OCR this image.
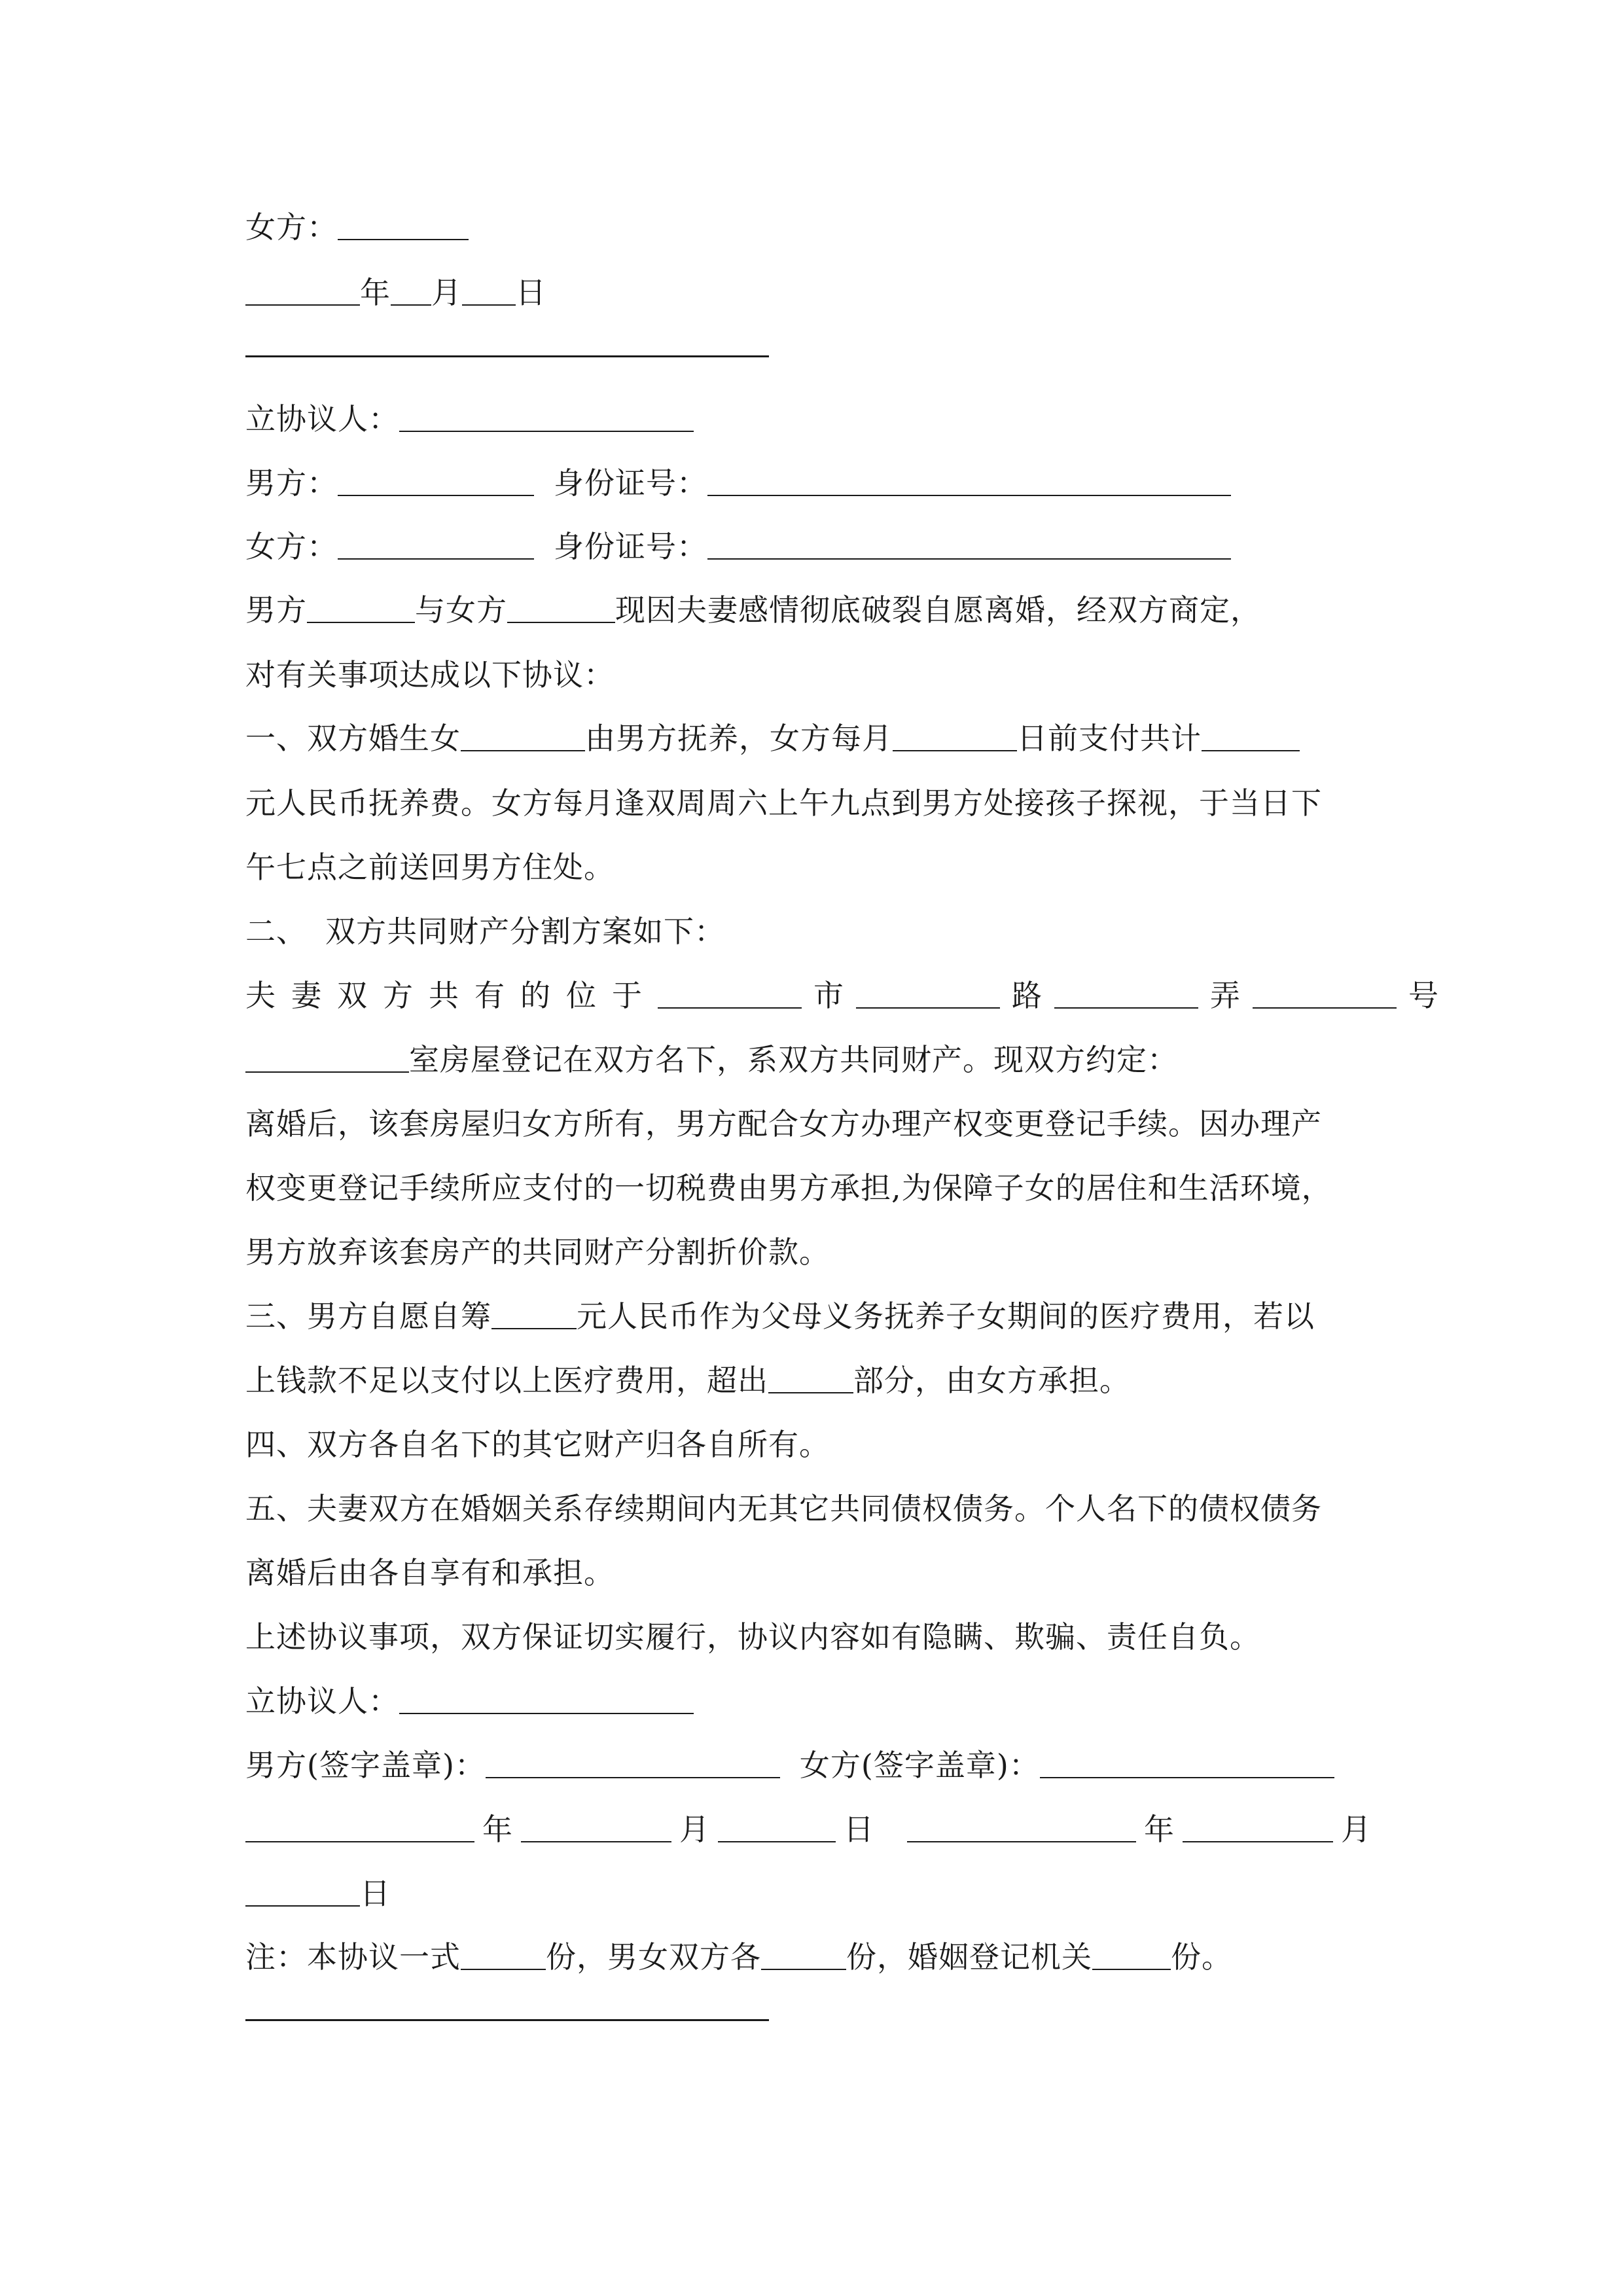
女方：
年 月 日
立协议人：
男方：	身份证号：
女方：	身份证号：
男方	与女方	现因夫妻感情彻底破裂自愿离婚，经双方商定，
对有关事项达成以下协议：
一、双方婚生女	由男方抚养，女方每月	日前支付共计
元人民币抚养费。女方每月逢双周周六上午九点到男方处接孩子探视，于当日下
午七点之前送回男方住处。
二、 双方共同财产分割方案如下：
夫妻双方共有的位于	市	路	弄	号
室房屋登记在双方名下，系双方共同财产。现双方约定：
离婚后，该套房屋归女方所有，男方配合女方办理产权变更登记手续。因办理产
权变更登记手续所应支付的一切税费由男方承担,为保障子女的居住和生活环境，
男方放弃该套房产的共同财产分割折价款。
三、男方自愿自筹	元人民币作为父母义务抚养子女期间的医疗费用，若以
上钱款不足以支付以上医疗费用，超出	部分，由女方承担。
四、双方各自名下的其它财产归各自所有。
五、夫妻双方在婚姻关系存续期间内无其它共同债权债务。个人名下的债权债务
离婚后由各自享有和承担。
上述协议事项，双方保证切实履行，协议内容如有隐瞒、欺骗、责任自负。
立协议人：
男方(签字盖章)：	女方(签字盖章)：
年	月	日	年	月
日
注：本协议一式	份，男女双方各	份，婚姻登记机关	份。
